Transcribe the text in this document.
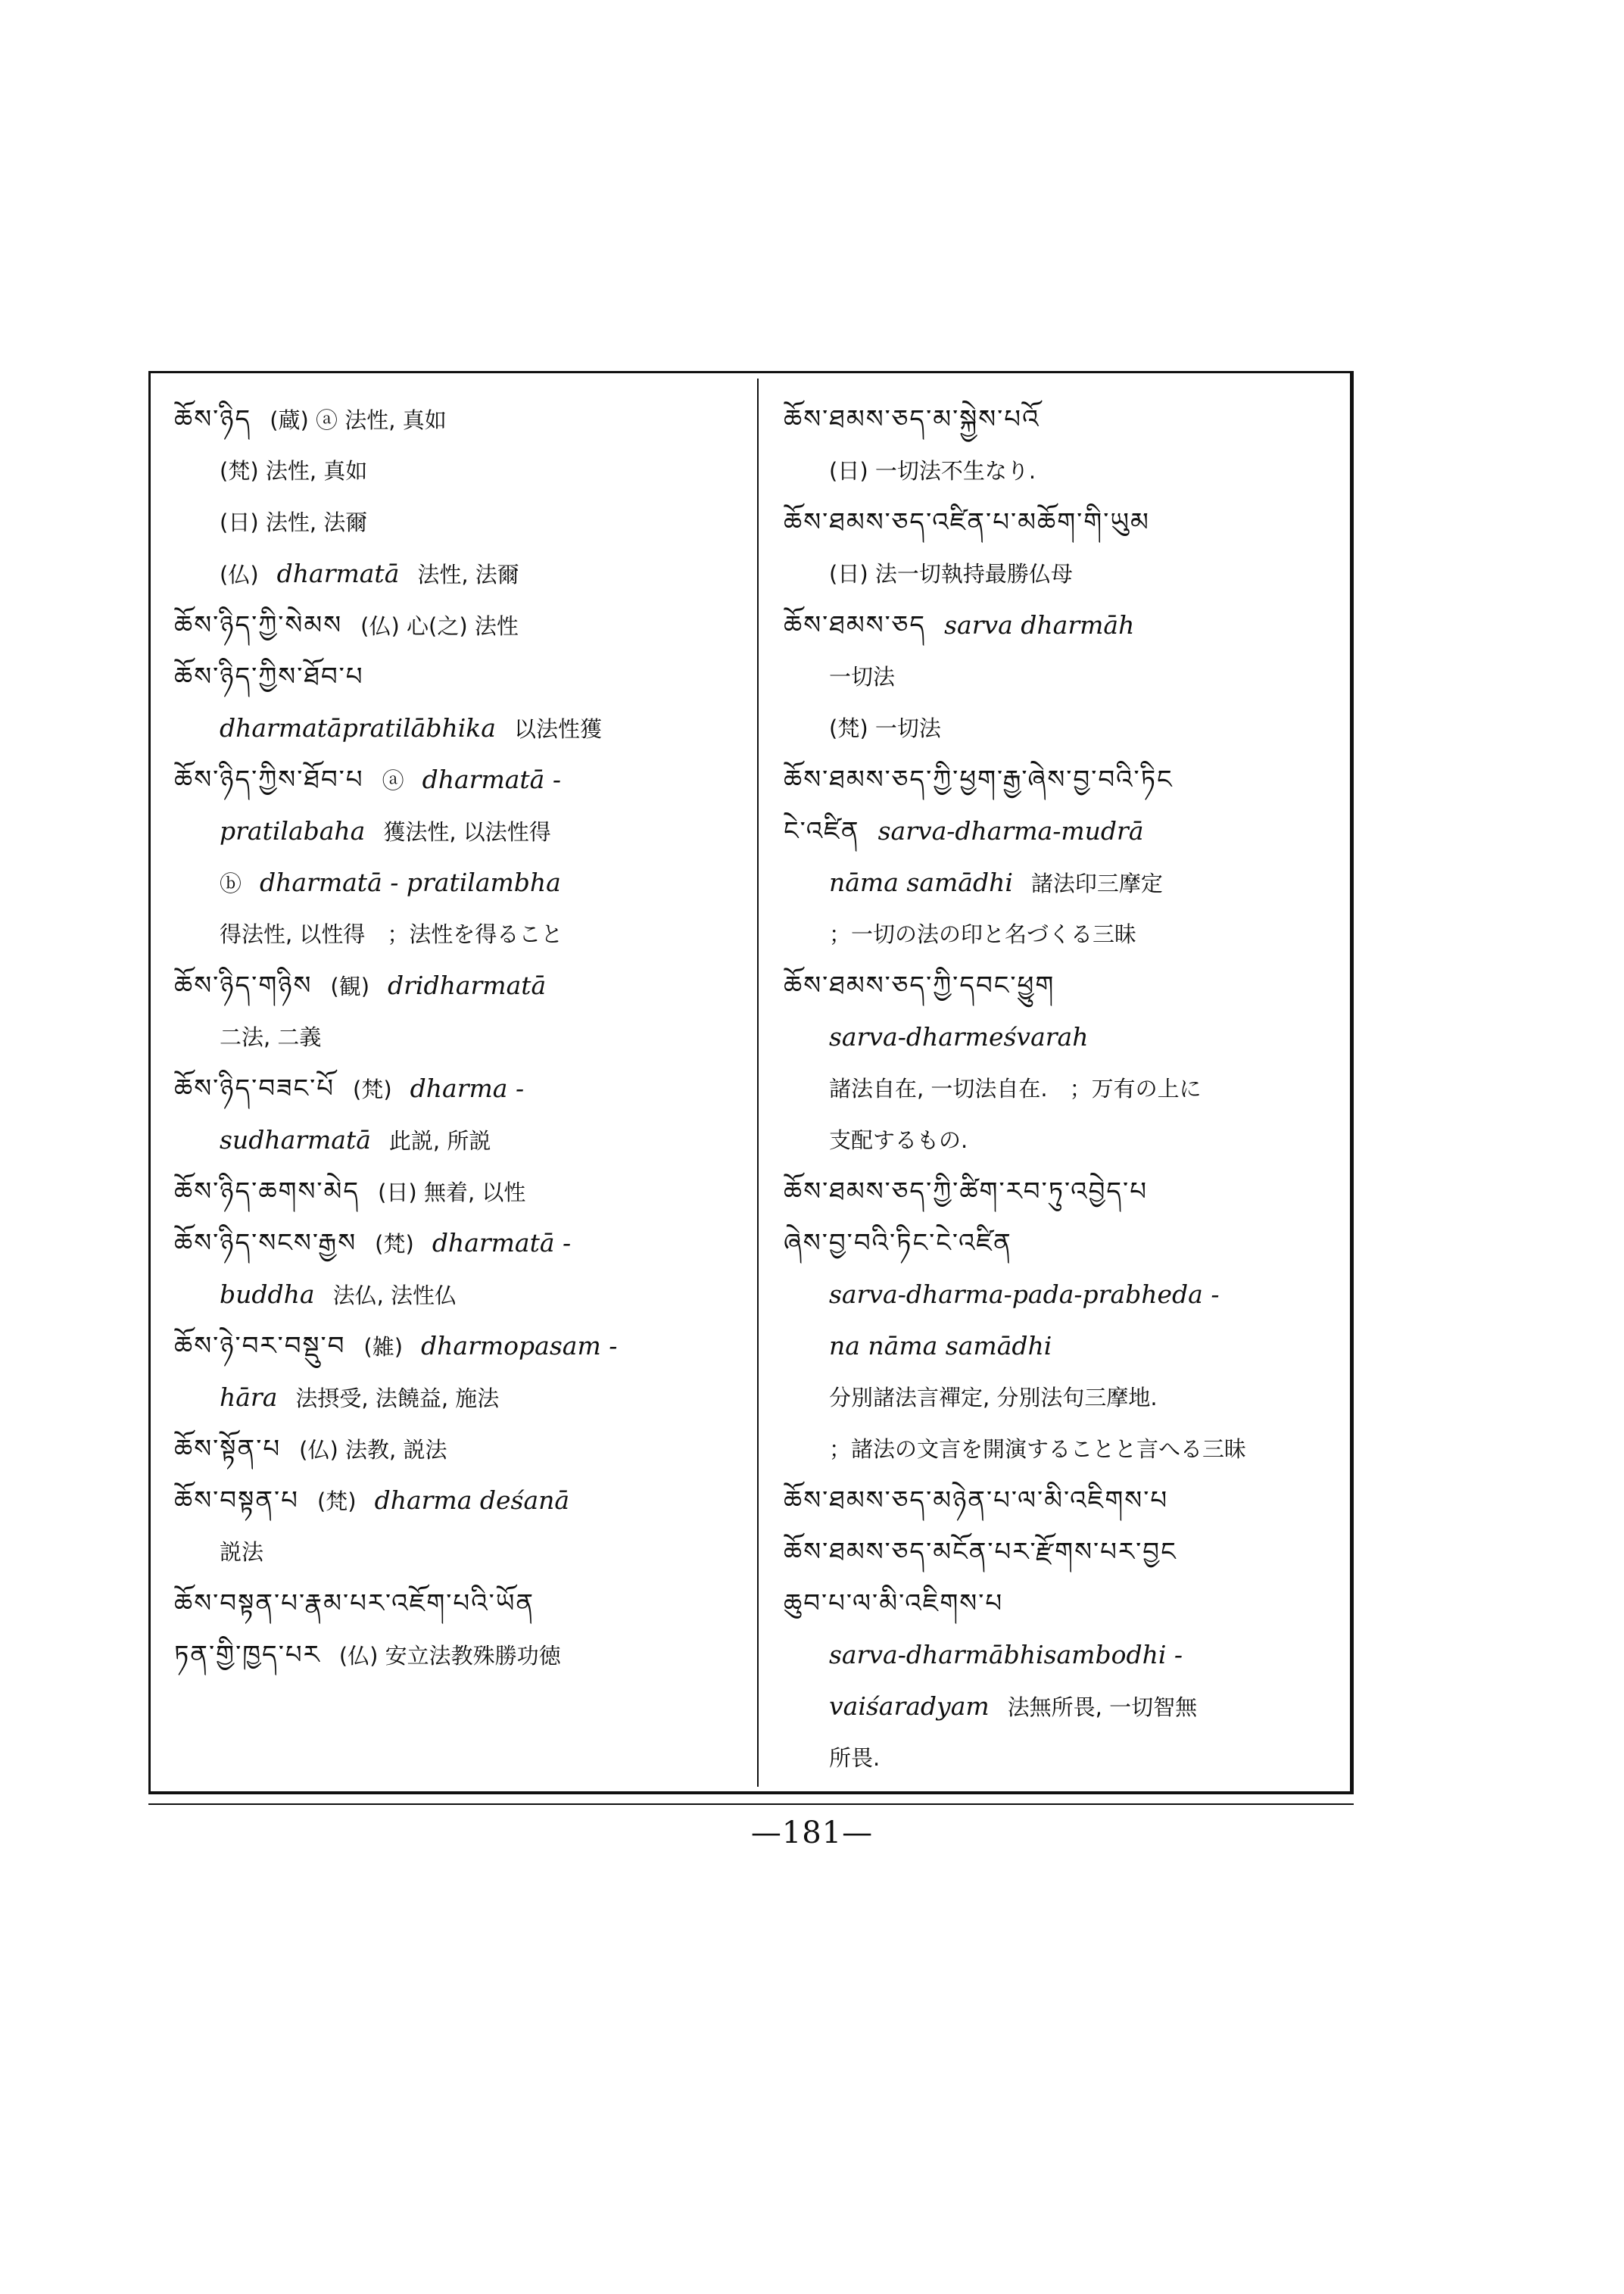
ཆོས་ཉིད (蔵) ⓐ 法性, 真如
(梵) 法性, 真如
(日) 法性, 法爾
(仏) dharmatā 法性, 法爾
ཆོས་ཉིད་ཀྱི་སེམས (仏) 心(之) 法性
ཆོས་ཉིད་ཀྱིས་ཐོབ་པ
dharmatāpratilābhika 以法性獲
ཆོས་ཉིད་ཀྱིས་ཐོབ་པ ⓐ dharmatā -
pratilabaha 獲法性, 以法性得
ⓑ dharmatā - pratilambha
得法性, 以性得　；法性を得ること
ཆོས་ཉིད་གཉིས (観) dridharmatā
二法, 二義
ཆོས་ཉིད་བཟང་པོ (梵) dharma -
sudharmatā 此説, 所説
ཆོས་ཉིད་ཆགས་མེད (日) 無着, 以性
ཆོས་ཉིད་སངས་རྒྱས (梵) dharmatā -
buddha 法仏, 法性仏
ཆོས་ཉེ་བར་བསྡུ་བ (雑) dharmopasam -
hāra 法摂受, 法饒益, 施法
ཆོས་སྟོན་པ (仏) 法教, 説法
ཆོས་བསྟན་པ (梵) dharma deśanā
説法
ཆོས་བསྟན་པ་རྣམ་པར་འཇོག་པའི་ཡོན
ཏན་གྱི་ཁྱད་པར (仏) 安立法教殊勝功徳
ཆོས་ཐམས་ཅད་མ་སྐྱེས་པའོ
(日) 一切法不生なり.
ཆོས་ཐམས་ཅད་འཛིན་པ་མཆོག་གི་ཡུམ
(日) 法一切執持最勝仏母
ཆོས་ཐམས་ཅད sarva dharmāh
一切法
(梵) 一切法
ཆོས་ཐམས་ཅད་ཀྱི་ཕྱག་རྒྱ་ཞེས་བྱ་བའི་ཏིང
ངེ་འཛིན sarva-dharma-mudrā
nāma samādhi 諸法印三摩定
；一切の法の印と名づくる三昧
ཆོས་ཐམས་ཅད་ཀྱི་དབང་ཕྱུག
sarva-dharmeśvarah
諸法自在, 一切法自在.　；万有の上に
支配するもの.
ཆོས་ཐམས་ཅད་ཀྱི་ཚིག་རབ་ཏུ་འབྱེད་པ
ཞེས་བྱ་བའི་ཏིང་ངེ་འཛིན
sarva-dharma-pada-prabheda -
na nāma samādhi
分別諸法言禪定, 分別法句三摩地.
；諸法の文言を開演することと言へる三昧
ཆོས་ཐམས་ཅད་མཉེན་པ་ལ་མི་འཇིགས་པ
ཆོས་ཐམས་ཅད་མངོན་པར་རྫོགས་པར་བྱང
ཆུབ་པ་ལ་མི་འཇིགས་པ
sarva-dharmābhisambodhi -
vaiśaradyam 法無所畏, 一切智無
所畏.
—181—
